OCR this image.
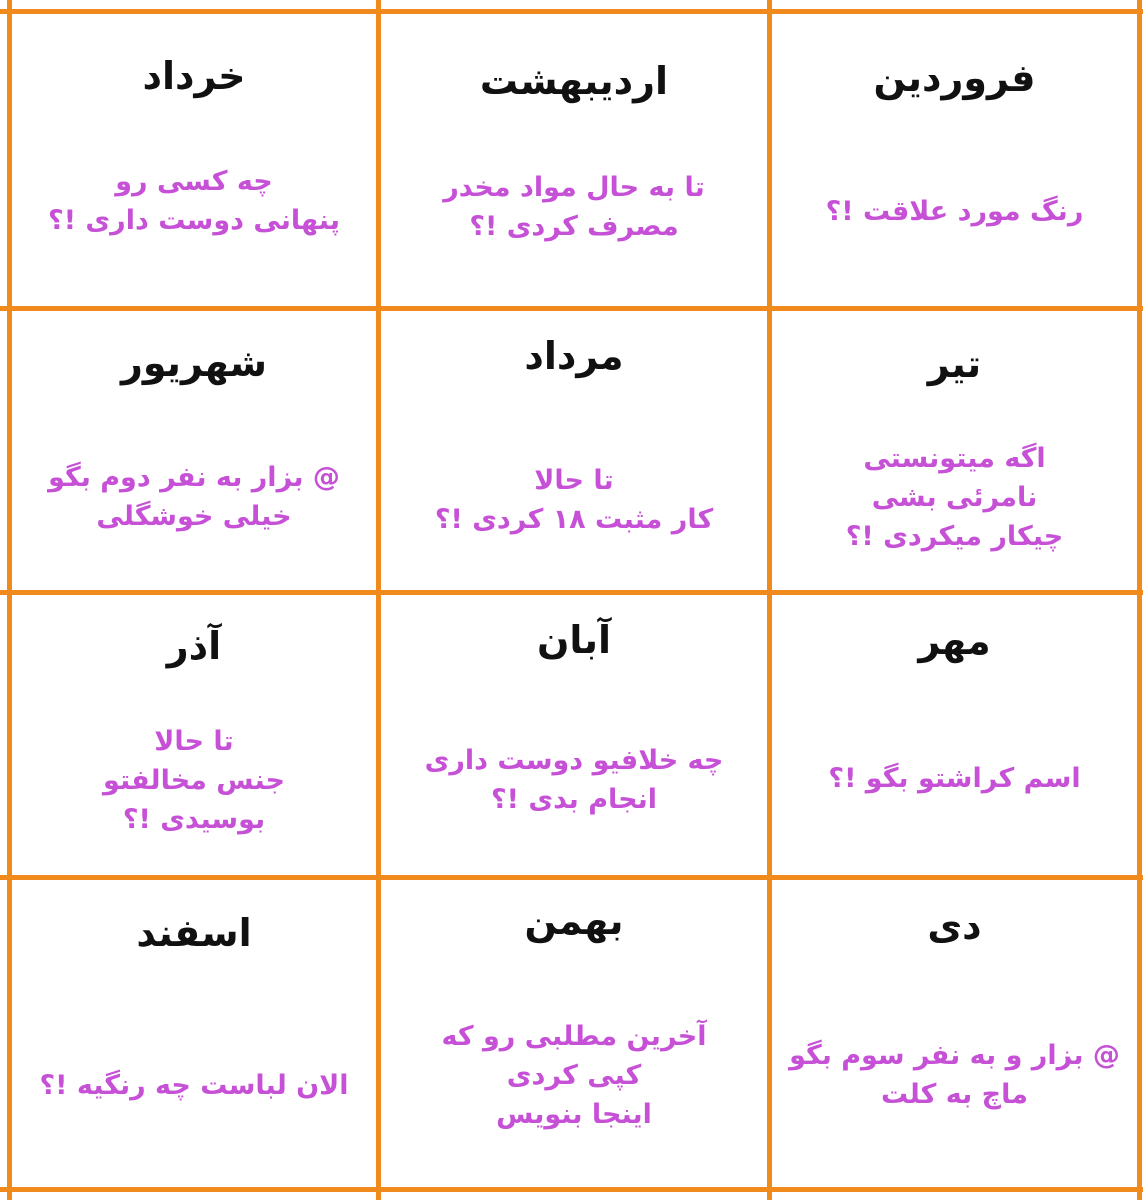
فروردین
رنگ مورد علاقت !؟
اردیبهشت
تا به حال مواد مخدر
مصرف کردی !؟
خرداد
چه کسی رو
پنهانی دوست داری !؟
تیر
اگه میتونستی
نامرئی بشی
چیکار میکردی !؟
مرداد
تا حالا
کار مثبت ۱۸ کردی !؟
شهریور
@ بزار به نفر دوم بگو
خیلی خوشگلی
مهر
اسم کراشتو بگو !؟
آبان
چه خلافیو دوست داری
انجام بدی !؟
آذر
تا حالا
جنس مخالفتو
بوسیدی !؟
دی
@ بزار و به نفر سوم بگو
ماچ به کلت
بهمن
آخرین مطلبی رو که
کپی کردی
اینجا بنویس
اسفند
الان لباست چه رنگیه !؟
